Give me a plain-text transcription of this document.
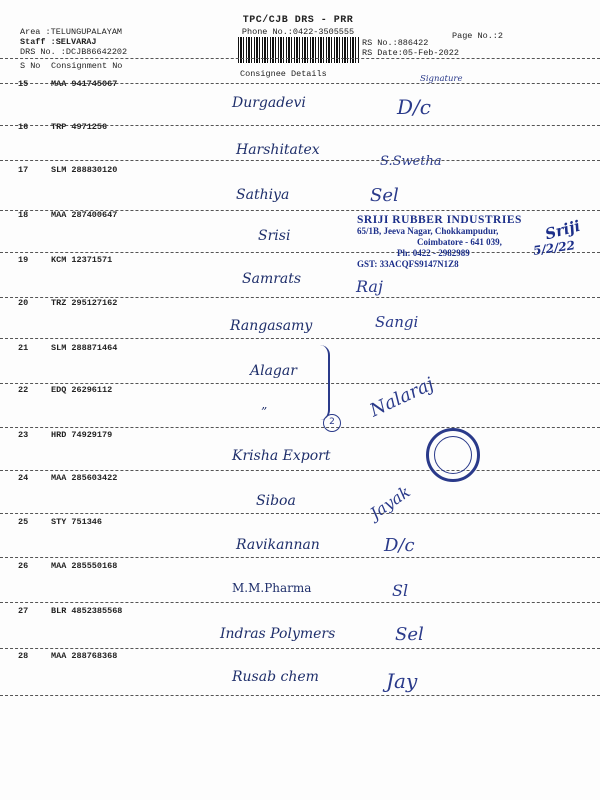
Area :TELUNGUPALAYAM
Staff :SELVARAJ
DRS No. :DCJB86642202
TPC/CJB DRS - PRR
Phone No.:0422-3505555	Page No.:2
RS No.:886422
RS Date:05-Feb-2022
S No Consignment No
Consignee Details	Signature
15	MAA 941745067
Durgadevi	D/c
16	TRP 4971256
Harshitatex
S.Swetha
17	SLM 288830120
Sathiya	Sel
18	MAA 287400647
Srisi
19	KCM 12371571
Samrats	Raj
20	TRZ 295127162
Rangasamy	Sangi
21	SLM 288871464
Alagar
22	EDQ 26296112
”	Nalaraj
23	HRD 74929179
Krisha Export
24	MAA 285603422
Siboa	Jayak
25	STY 751346
Ravikannan	D/c
26	MAA 285550168
M.M.Pharma	Sl
27	BLR 4852385568
Indras Polymers	Sel
28	MAA 288768368
Rusab chem	Jay
SRIJI RUBBER INDUSTRIES
65/1B, Jeeva Nagar, Chokkampudur,
Coimbatore - 641 039,
Ph: 0422 - 2982989
GST: 33ACQFS9147N1Z8
Sriji
5/2/22
2
